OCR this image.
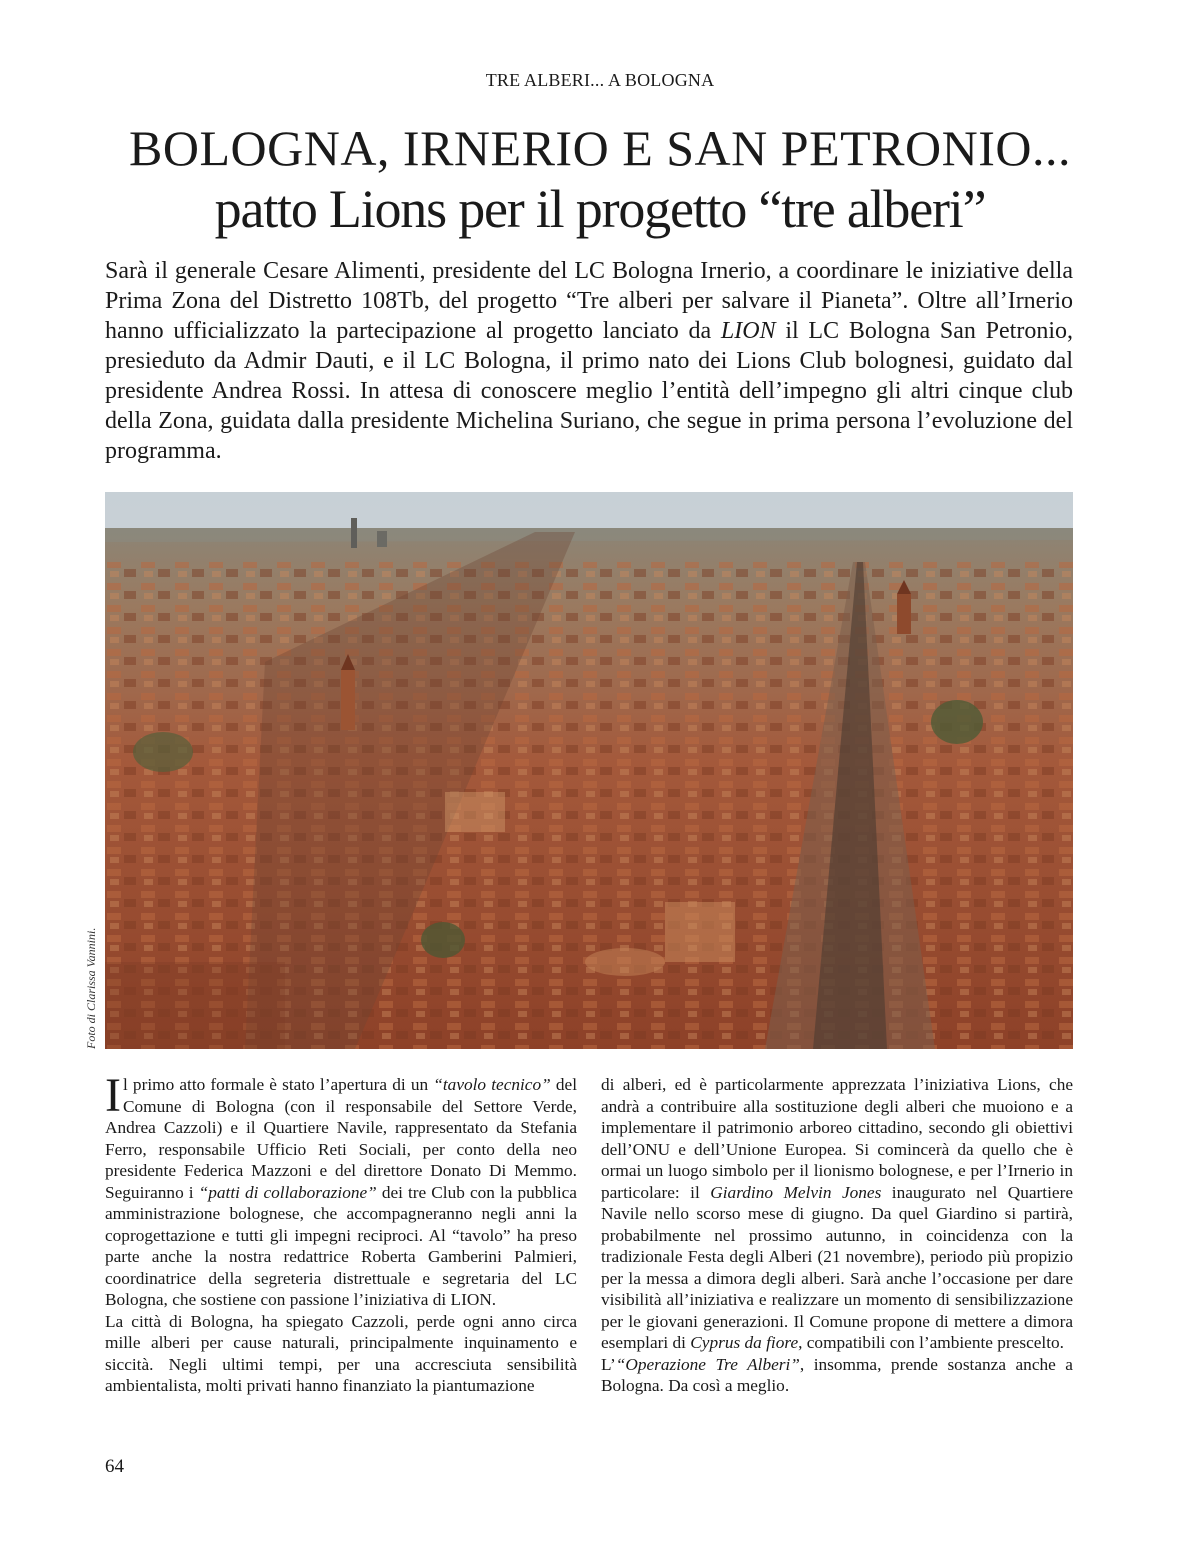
TRE ALBERI... A BOLOGNA
BOLOGNA, IRNERIO E SAN PETRONIO...
patto Lions per il progetto “tre alberi”

Sarà il generale Cesare Alimenti, presidente del LC Bologna Irnerio, a coordinare le iniziative della Prima Zona del Distretto 108Tb, del progetto “Tre alberi per salvare il Pianeta”. Oltre all’Irnerio hanno ufficializzato la partecipazione al progetto lanciato da LION il LC Bologna San Petronio, presieduto da Admir Dauti, e il LC Bologna, il primo nato dei Lions Club bolognesi, guidato dal presidente Andrea Rossi. In attesa di conoscere meglio l’entità dell’impegno gli altri cinque club della Zona, guidata dalla presidente Michelina Suriano, che segue in prima persona l’evoluzione del programma.

Foto di Clarissa Vannini.

Il primo atto formale è stato l’apertura di un “tavolo tecnico” del Comune di Bologna (con il responsabile del Settore Verde, Andrea Cazzoli) e il Quartiere Navile, rappresentato da Stefania Ferro, responsabile Ufficio Reti Sociali, per conto della neo presidente Federica Mazzoni e del direttore Donato Di Memmo. Seguiranno i “patti di collaborazione” dei tre Club con la pubblica amministrazione bolognese, che accompagneranno negli anni la coprogettazione e tutti gli impegni reciproci. Al “tavolo” ha preso parte anche la nostra redattrice Roberta Gamberini Palmieri, coordinatrice della segreteria distrettuale e segretaria del LC Bologna, che sostiene con passione l’iniziativa di LION.

La città di Bologna, ha spiegato Cazzoli, perde ogni anno circa mille alberi per cause naturali, principalmente inquinamento e siccità. Negli ultimi tempi, per una accresciuta sensibilità ambientalista, molti privati hanno finanziato la piantumazione

di alberi, ed è particolarmente apprezzata l’iniziativa Lions, che andrà a contribuire alla sostituzione degli alberi che muoiono e a implementare il patrimonio arboreo cittadino, secondo gli obiettivi dell’ONU e dell’Unione Europea. Si comincerà da quello che è ormai un luogo simbolo per il lionismo bolognese, e per l’Irnerio in particolare: il Giardino Melvin Jones inaugurato nel Quartiere Navile nello scorso mese di giugno. Da quel Giardino si partirà, probabilmente nel prossimo autunno, in coincidenza con la tradizionale Festa degli Alberi (21 novembre), periodo più propizio per la messa a dimora degli alberi. Sarà anche l’occasione per dare visibilità all’iniziativa e realizzare un momento di sensibilizzazione per le giovani generazioni. Il Comune propone di mettere a dimora esemplari di Cyprus da fiore, compatibili con l’ambiente prescelto.

L’“Operazione Tre Alberi”, insomma, prende sostanza anche a Bologna. Da così a meglio.

64
